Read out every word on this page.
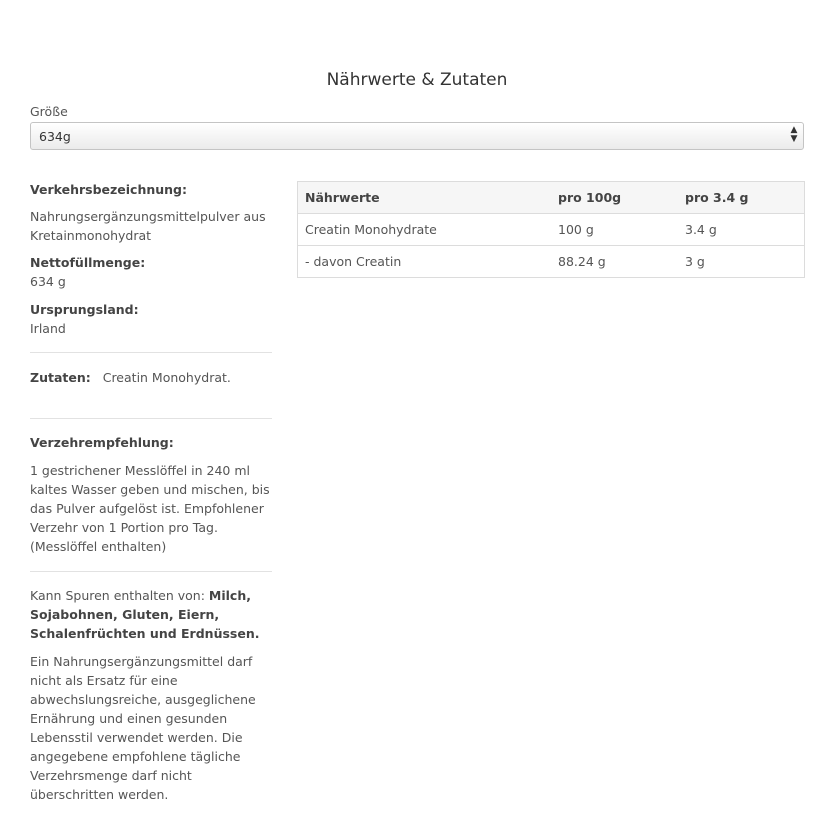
Nährwerte & Zutaten
Größe
634g	▲
▼
Verkehrsbezeichnung:
Nahrungsergänzungsmittelpulver aus Kretainmonohydrat
Nettofüllmenge:
634 g
Ursprungsland:
Irland
Zutaten: Creatin Monohydrat.
Verzehrempfehlung:
1 gestrichener Messlöffel in 240 ml kaltes Wasser geben und mischen, bis das Pulver aufgelöst ist. Empfohlener Verzehr von 1 Portion pro Tag. (Messlöffel enthalten)
Kann Spuren enthalten von: Milch, Sojabohnen, Gluten, Eiern, Schalenfrüchten und Erdnüssen.
Ein Nahrungsergänzungsmittel darf nicht als Ersatz für eine abwechslungsreiche, ausgeglichene Ernährung und einen gesunden Lebensstil verwendet werden. Die angegebene empfohlene tägliche Verzehrsmenge darf nicht überschritten werden.
Nährwerte	pro 100g	pro 3.4 g
Creatin Monohydrate	100 g	3.4 g
- davon Creatin	88.24 g	3 g
